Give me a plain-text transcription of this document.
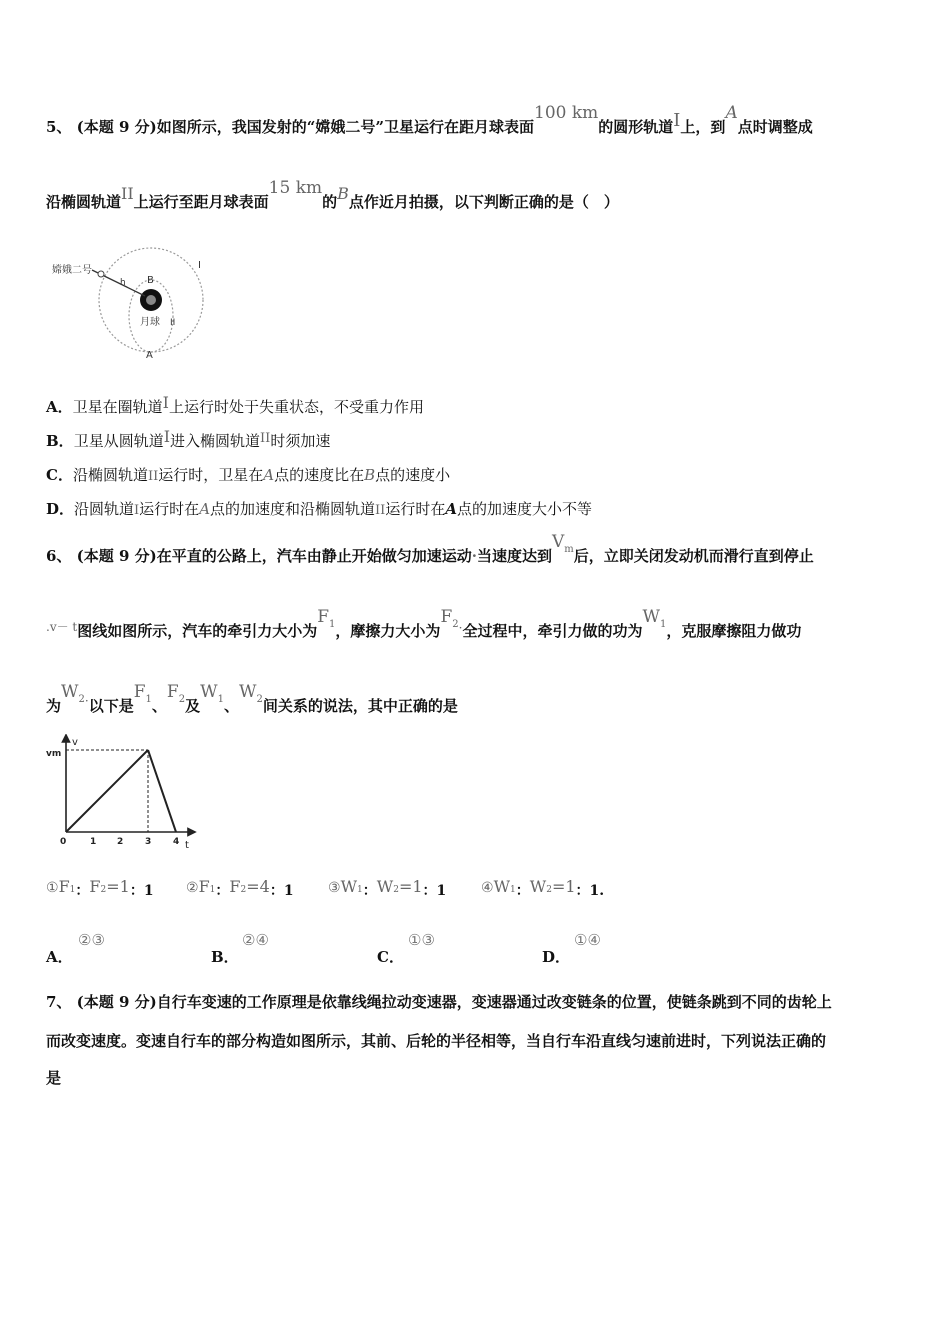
5、 (本题 9 分)如图所示，我国发射的“嫦娥二号”卫星运行在距月球表面100 km的圆形轨道I上，到A点时调整成
沿椭圆轨道II上运行至距月球表面15 km的B点作近月拍摄，以下判断正确的是（　）
嫦娥二号
h B
月球 II
I
A
A．卫星在圈轨道I上运行时处于失重状态，不受重力作用
B．卫星从圆轨道I进入椭圆轨道II时须加速
C．沿椭圆轨道II运行时，卫星在A点的速度比在B点的速度小
D．沿圆轨道I运行时在A点的加速度和沿椭圆轨道II运行时在A点的加速度大小不等
6、 (本题 9 分)在平直的公路上，汽车由静止开始做匀加速运动·当速度达到$V_m$后，立即关闭发动机而滑行直到停止
$^{.v- t}$图线如图所示，汽车的牵引力大小为$F_1$，摩擦力大小为$F_{2\cdot}$全过程中，牵引力做的功为$W_1$，克服摩擦阻力做功
为$W_{2\cdot}$以下是$F_1$、$F_2$及$W_1$、$W_2$间关系的说法，其中正确的是
v
vm
t
0	1 2 3 4
①F1：F2=1：1 ②F1：F2=4：1 ③W1：W2=1：1 ④W1：W2=1：1.
A．
②③
B．
②④
C．
①③
D．
①④
7、 (本题 9 分)自行车变速的工作原理是依靠线绳拉动变速器，变速器通过改变链条的位置，使链条跳到不同的齿轮上
而改变速度。变速自行车的部分构造如图所示，其前、后轮的半径相等，当自行车沿直线匀速前进时，下列说法正确的
是
